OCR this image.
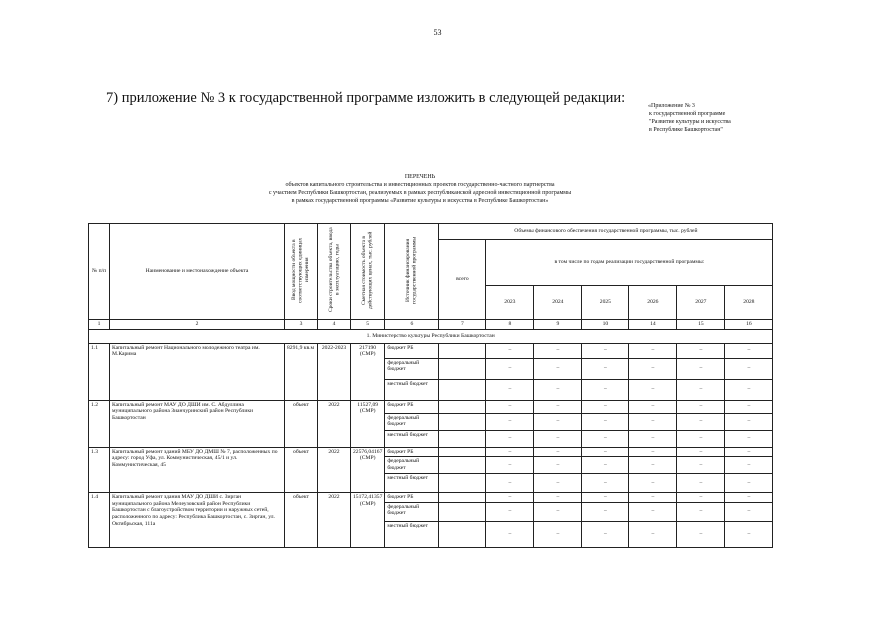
53
7) приложение № 3 к государственной программе изложить в следующей редакции:	«Приложение № 3
к государственной программе
"Развитие культуры и искусства
в Республике Башкортостан"
ПЕРЕЧЕНЬ
объектов капитального строительства и инвестиционных проектов государственно-частного партнерства
с участием Республики Башкортостан, реализуемых в рамках республиканской адресной инвестиционной программы
в рамках государственной программы «Развитие культуры и искусства в Республике Башкортостан»
№ п/п	Наименование и местонахождение объекта	Ввод мощности объекта в соответствующих единицах измерения	Сроки строительства объекта, ввода в эксплуатацию, годы	Сметная стоимость объекта в действующих ценах, тыс. рублей	Источник финансирования государственной программы	Объемы финансового обеспечения государственной программы, тыс. рублей						
						всего	в том числе по годам реализации государственной программы:					
							2023	2024	2025	2026	2027	2028
1	2	3	4	5	6	7	8	9	10	14	15	16
1. Министерство культуры Республики Башкортостан												
1.1	Капитальный ремонт Национального молодежного театра им. М.Карима	8291,9 кв.м	2022-2023	217190 (СМР)	бюджет РБ		–	–	–	–	–	–
					федеральный бюджет		–	–	–	–	–	–
					местный бюджет		–	–	–	–	–	–
1.2	Капитальный ремонт МАУ ДО ДШИ им. С. Абдуллина муниципального района Зианчуринский район Республики Башкортостан	объект	2022	11527,09 (СМР)	бюджет РБ		–	–	–	–	–	–
					федеральный бюджет		–	–	–	–	–	–
					местный бюджет		–	–	–	–	–	–
1.3	Капитальный ремонт зданий МБУ ДО ДМШ № 7, расположенных по адресу: город Уфа, ул. Коммунистическая, 45/1 и ул. Коммунистическая, 45	объект	2022	22576,04167 (СМР)	бюджет РБ		–	–	–	–	–	–
					федеральный бюджет		–	–	–	–	–	–
					местный бюджет		–	–	–	–	–	–
1.4	Капитальный ремонт здания МАУ ДО ДШИ с. Зирган муниципального района Мелеузовский район Республики Башкортостан с благоустройством территории и наружных сетей, расположенного по адресу: Республика Башкортостан, с. Зирган, ул. Октябрьская, 111а	объект	2022	15172,41357 (СМР)	бюджет РБ		–	–	–	–	–	–
					федеральный бюджет		–	–	–	–	–	–
					местный бюджет		–	–	–	–	–	–
